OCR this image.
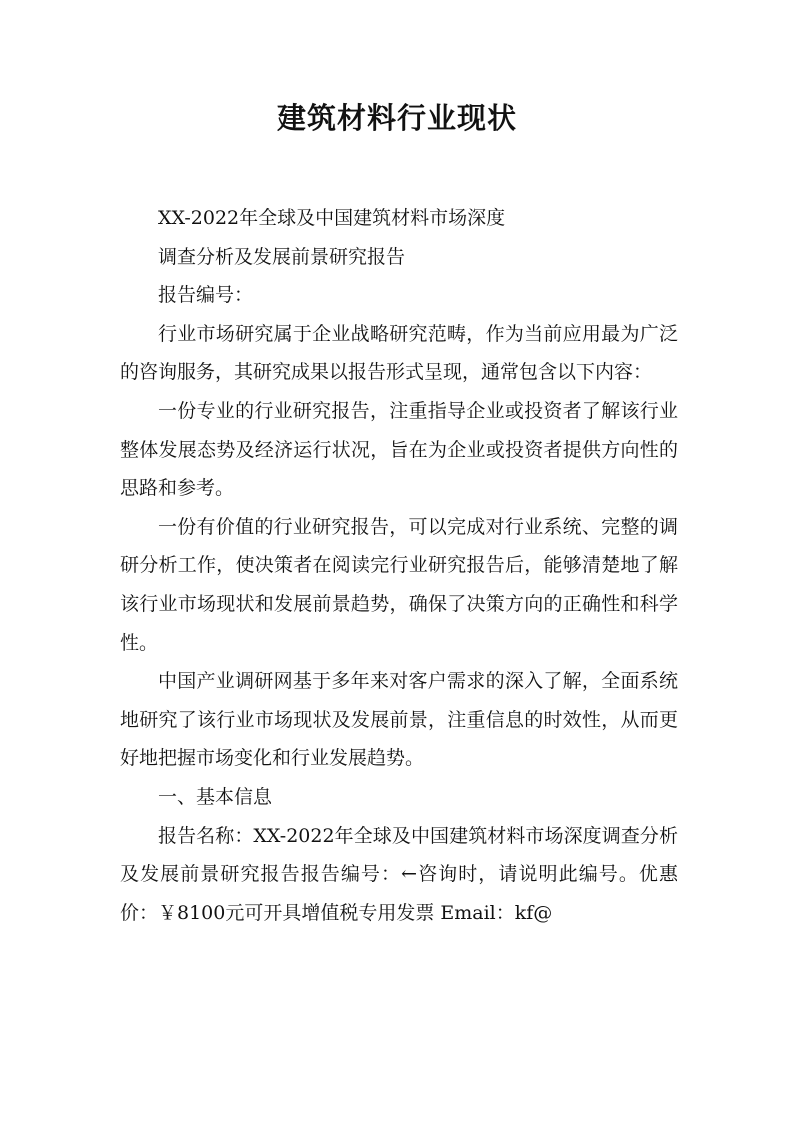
建筑材料行业现状

XX-2022年全球及中国建筑材料市场深度

调查分析及发展前景研究报告

报告编号：

行业市场研究属于企业战略研究范畴，作为当前应用最为广泛的咨询服务，其研究成果以报告形式呈现，通常包含以下内容：

一份专业的行业研究报告，注重指导企业或投资者了解该行业整体发展态势及经济运行状况，旨在为企业或投资者提供方向性的思路和参考。

一份有价值的行业研究报告，可以完成对行业系统、完整的调研分析工作，使决策者在阅读完行业研究报告后，能够清楚地了解该行业市场现状和发展前景趋势，确保了决策方向的正确性和科学性。

中国产业调研网基于多年来对客户需求的深入了解，全面系统地研究了该行业市场现状及发展前景，注重信息的时效性，从而更好地把握市场变化和行业发展趋势。

一、基本信息

报告名称：XX-2022年全球及中国建筑材料市场深度调查分析及发展前景研究报告报告编号：←咨询时，请说明此编号。优惠价：￥8100元可开具增值税专用发票 Email：kf@
